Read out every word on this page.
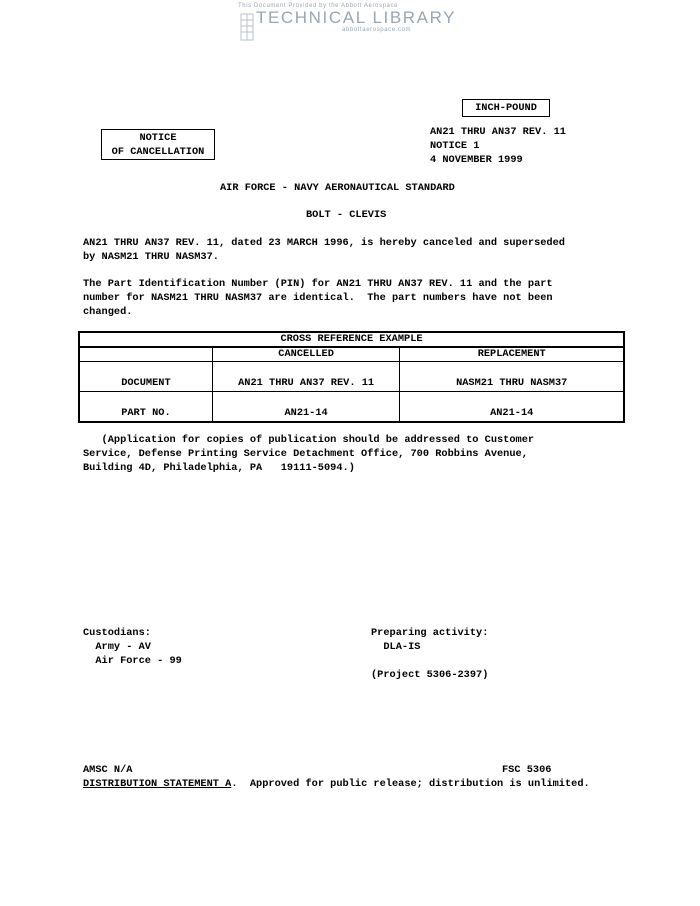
This Document Provided by the Abbott Aerospace
TECHNICAL LIBRARY
abbottaerospace.com
INCH-POUND
NOTICE
OF CANCELLATION
AN21 THRU AN37 REV. 11
NOTICE 1
4 NOVEMBER 1999
AIR FORCE - NAVY AERONAUTICAL STANDARD
BOLT - CLEVIS
AN21 THRU AN37 REV. 11, dated 23 MARCH 1996, is hereby canceled and superseded
by NASM21 THRU NASM37.
The Part Identification Number (PIN) for AN21 THRU AN37 REV. 11 and the part
number for NASM21 THRU NASM37 are identical.  The part numbers have not been
changed.
CROSS REFERENCE EXAMPLE		
	CANCELLED	REPLACEMENT
DOCUMENT	AN21 THRU AN37 REV. 11	NASM21 THRU NASM37
PART NO.	AN21-14	AN21-14
(Application for copies of publication should be addressed to Customer
Service, Defense Printing Service Detachment Office, 700 Robbins Avenue,
Building 4D, Philadelphia, PA   19111-5094.)
Custodians:
Army - AV
Air Force - 99
Preparing activity:
DLA-IS
(Project 5306-2397)
AMSC N/A	FSC 5306
DISTRIBUTION STATEMENT A.  Approved for public release; distribution is unlimited.
